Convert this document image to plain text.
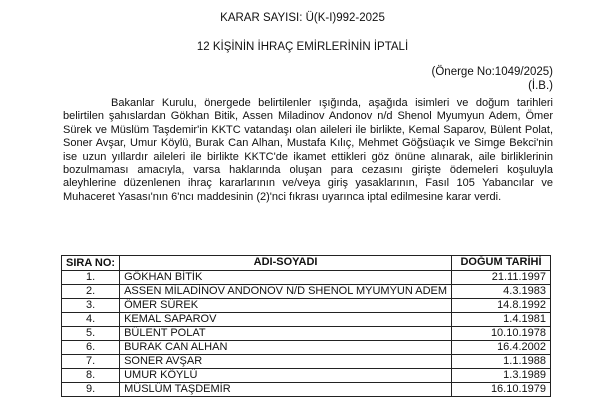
KARAR SAYISI: Ü(K-I)992-2025
12 KİŞİNİN İHRAÇ EMİRLERİNİN İPTALİ
(Önerge No:1049/2025)
(İ.B.)

Bakanlar Kurulu, önergede belirtilenler ışığında, aşağıda isimleri ve doğum tarihleri belirtilen şahıslardan Gökhan Bitik, Assen Miladinov Andonov n/d Shenol Myumyun Adem, Ömer Sürek ve Müslüm Taşdemir'in KKTC vatandaşı olan aileleri ile birlikte, Kemal Saparov, Bülent Polat, Soner Avşar, Umur Köylü, Burak Can Alhan, Mustafa Kılıç, Mehmet Göğsüaçık ve Simge Bekci'nin ise uzun yıllardır aileleri ile birlikte KKTC'de ikamet ettikleri göz önüne alınarak, aile birliklerinin bozulmaması amacıyla, varsa haklarında oluşan para cezasını girişte ödemeleri koşuluyla aleyhlerine düzenlenen ihraç kararlarının ve/veya giriş yasaklarının, Fasıl 105 Yabancılar ve Muhaceret Yasası'nın 6'ncı maddesinin (2)'nci fıkrası uyarınca iptal edilmesine karar verdi.

SIRA NO:	ADI-SOYADI	DOĞUM TARİHİ
1.	GÖKHAN BİTİK	21.11.1997
2.	ASSEN MİLADİNOV ANDONOV N/D SHENOL MYUMYUN ADEM	4.3.1983
3.	ÖMER SÜREK	14.8.1992
4.	KEMAL SAPAROV	1.4.1981
5.	BÜLENT POLAT	10.10.1978
6.	BURAK CAN ALHAN	16.4.2002
7.	SONER AVŞAR	1.1.1988
8.	UMUR KÖYLÜ	1.3.1989
9.	MÜSLÜM TAŞDEMİR	16.10.1979
